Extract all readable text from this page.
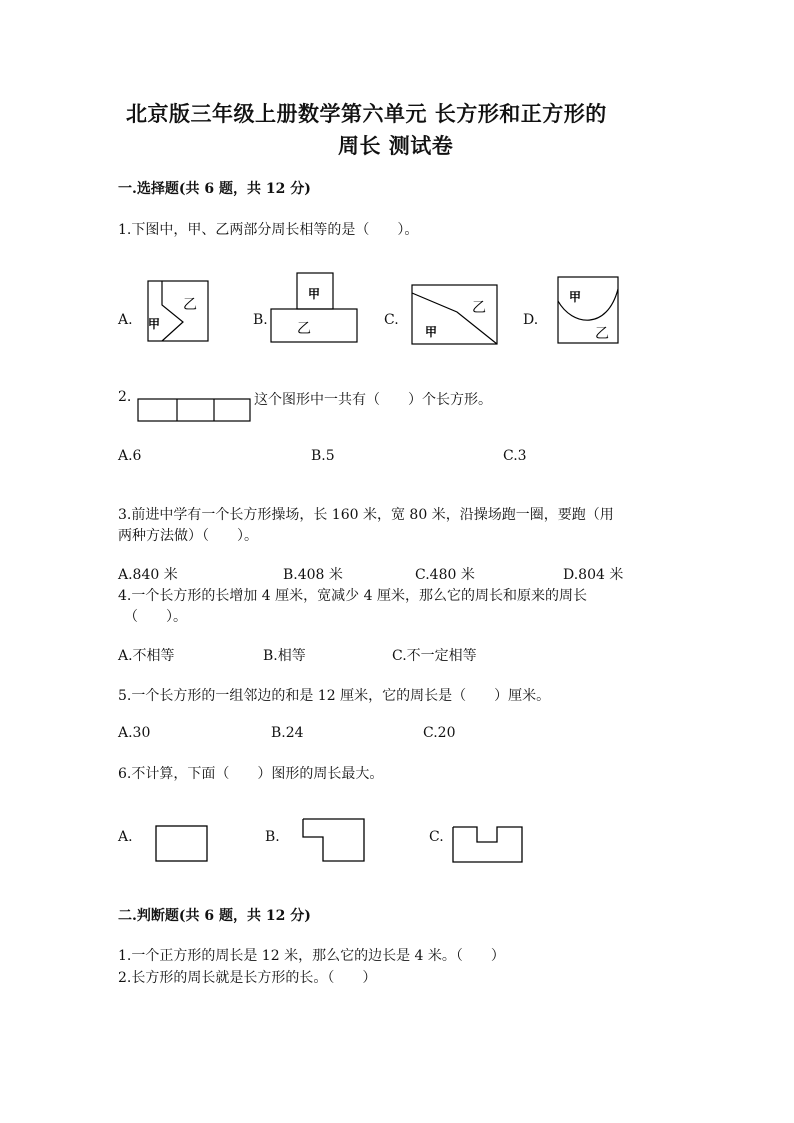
北京版三年级上册数学第六单元 长方形和正方形的
周长 测试卷
一.选择题(共 6 题，共 12 分)
1.下图中，甲、乙两部分周长相等的是（　　）。
A.
乙
甲	B.
甲
乙
C.
乙
甲
D.
甲
乙
2.	这个图形中一共有（　　）个长方形。
A.6	B.5	C.3
3.前进中学有一个长方形操场，长 160 米，宽 80 米，沿操场跑一圈，要跑（用
两种方法做）（　　）。
A.840 米	B.408 米	C.480 米	D.804 米
4.一个长方形的长增加 4 厘米，宽减少 4 厘米，那么它的周长和原来的周长
（　　）。
A.不相等	B.相等	C.不一定相等
5.一个长方形的一组邻边的和是 12 厘米，它的周长是（　　）厘米。
A.30	B.24	C.20
6.不计算，下面（　　）图形的周长最大。
A.	B.	C.
二.判断题(共 6 题，共 12 分)
1.一个正方形的周长是 12 米，那么它的边长是 4 米。（　　）
2.长方形的周长就是长方形的长。（　　）
